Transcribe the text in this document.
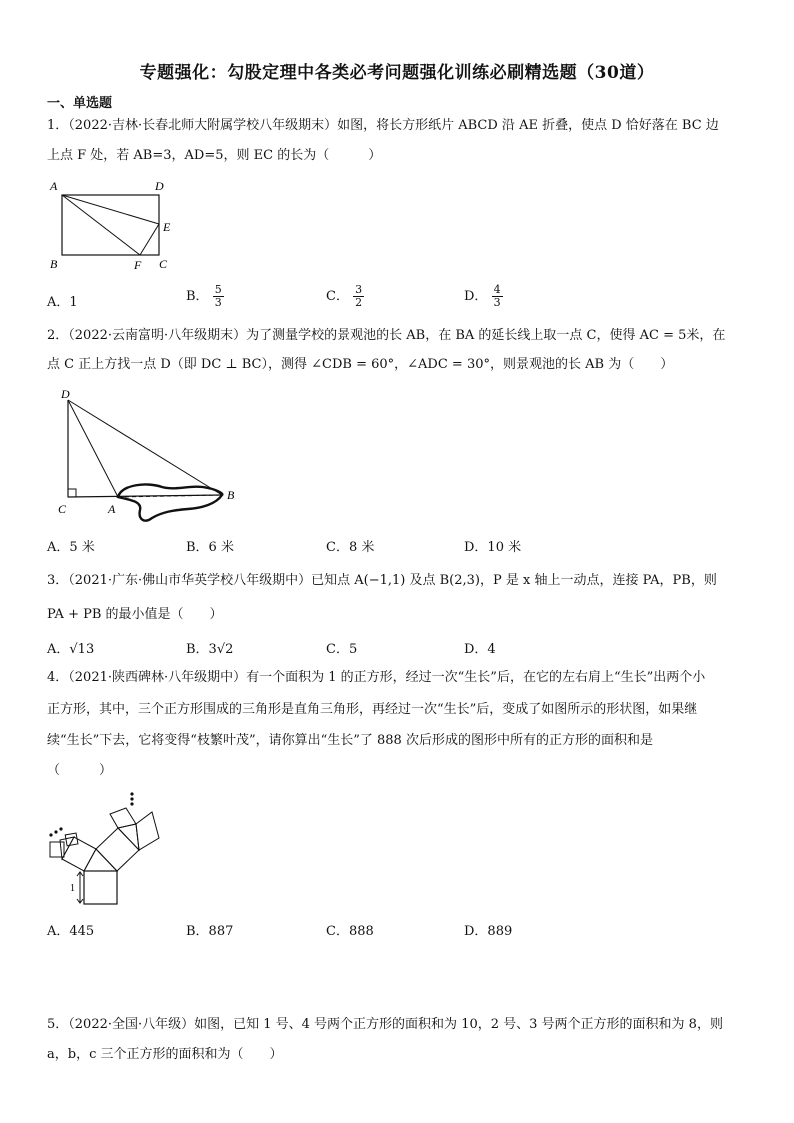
专题强化：勾股定理中各类必考问题强化训练必刷精选题（30道）
一、单选题
1．（2022·吉林·长春北师大附属学校八年级期末）如图，将长方形纸片 ABCD 沿 AE 折叠，使点 D 恰好落在 BC 边
上点 F 处，若 AB=3，AD=5，则 EC 的长为（　　　）
A	D
E
B	F C
A．1	B． $\frac{5}{3}$	C． $\frac{3}{2}$	D． $\frac{4}{3}$
2．（2022·云南富明·八年级期末）为了测量学校的景观池的长 AB，在 BA 的延长线上取一点 C，使得 AC = 5米，在
点 C 正上方找一点 D（即 DC ⊥ BC），测得 ∠CDB = 60°，∠ADC = 30°，则景观池的长 AB 为（　　）
D
C	A
B
A．5 米	B．6 米	C．8 米	D．10 米
3．（2021·广东·佛山市华英学校八年级期中）已知点 A(−1,1) 及点 B(2,3)，P 是 x 轴上一动点，连接 PA，PB，则
PA + PB 的最小值是（　　）
A．√13	B．3√2	C．5	D．4
4．（2021·陕西碑林·八年级期中）有一个面积为 1 的正方形，经过一次“生长”后，在它的左右肩上“生长”出两个小
正方形，其中，三个正方形围成的三角形是直角三角形，再经过一次“生长”后，变成了如图所示的形状图，如果继
续“生长”下去，它将变得“枝繁叶茂”，请你算出“生长”了 888 次后形成的图形中所有的正方形的面积和是
（　　　）
1
A．445	B．887	C．888	D．889
5．（2022·全国·八年级）如图，已知 1 号、4 号两个正方形的面积和为 10，2 号、3 号两个正方形的面积和为 8，则
a，b，c 三个正方形的面积和为（　　）
